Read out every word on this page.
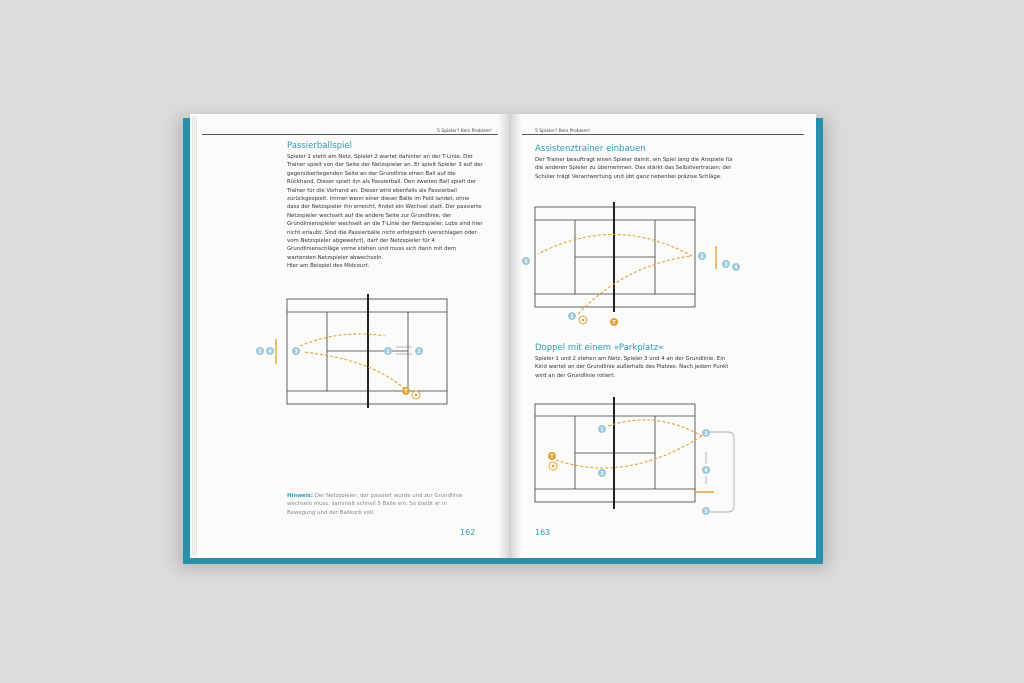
5 Spieler? Kein Problem!
Passierballspiel
Spieler 1 steht am Netz, Spieler 2 wartet dahinter an der T-Linie. Der Trainer spielt von der Seite der Netzspieler an. Er spielt Spieler 3 auf der gegenüberliegenden Seite an der Grundlinie einen Ball auf die Rückhand. Dieser spielt ihn als Passierball. Den zweiten Ball spielt der Trainer für die Vorhand an. Dieser wird ebenfalls als Passierball zurückgespielt. Immer wenn einer dieser Bälle im Feld landet, ohne dass der Netzspieler ihn erreicht, findet ein Wechsel statt. Der passierte Netzspieler wechselt auf die andere Seite zur Grundlinie, der Grundlinienspieler wechselt an die T-Linie der Netzspieler. Lobs sind hier nicht erlaubt. Sind die Passierbälle nicht erfolgreich (verschlagen oder vom Netzspieler abgewehrt), darf der Netzspieler für 4 Grundlinienschläge vorne stehen und muss sich dann mit dem wartenden Netzspieler abwechseln.
Hier am Beispiel des Midcourt.
5 4	3	1	2
T
Hinweis: Der Netzspieler, der passiert wurde und zur Grundlinie wechseln muss, sammelt schnell 5 Bälle ein. So bleibt er in Bewegung und der Ballkorb voll.
162
5 Spieler? Kein Problem!
Assistenztrainer einbauen
Der Trainer beauftragt einen Spieler damit, ein Spiel lang die Anspiele für die anderen Spieler zu übernehmen. Das stärkt das Selbstvertrauen; der Schüler trägt Verantwortung und übt ganz nebenbei präzise Schläge.
5
2
3 4
1
T
Doppel mit einem »Parkplatz«
Spieler 1 und 2 stehen am Netz, Spieler 3 und 4 an der Grundlinie. Ein Kind wartet an der Grundlinie außerhalb des Platzes. Nach jedem Punkt wird an der Grundlinie rotiert.
1
2
3
4
5
T
163
